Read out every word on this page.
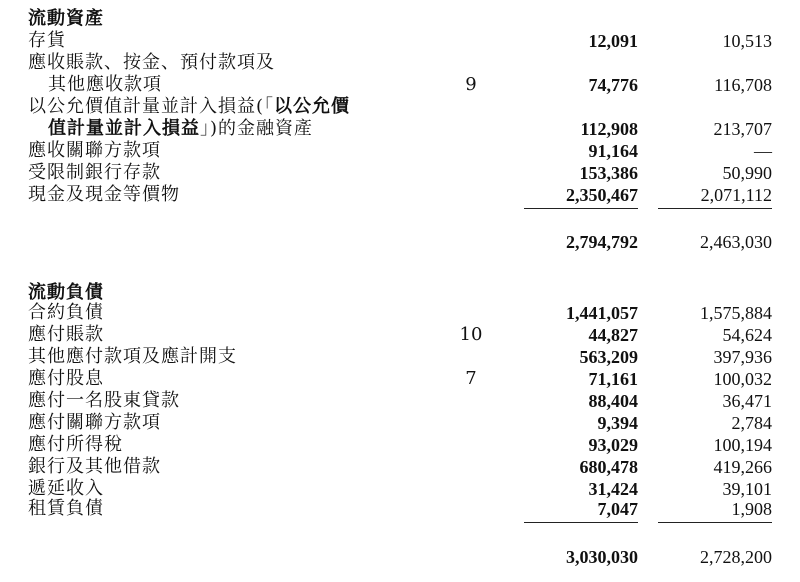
流動資產
存貨	12,091	10,513
應收賬款、按金、預付款項及
其他應收款項	9	74,776	116,708
以公允價值計量並計入損益(「以公允價
值計量並計入損益」)的金融資產	112,908	213,707
應收關聯方款項	91,164	—
受限制銀行存款	153,386	50,990
現金及現金等價物	2,350,467	2,071,112
2,794,792	2,463,030
流動負債
合約負債	1,441,057	1,575,884
應付賬款	10	44,827	54,624
其他應付款項及應計開支	563,209	397,936
應付股息	7	71,161	100,032
應付一名股東貸款	88,404	36,471
應付關聯方款項	9,394	2,784
應付所得稅	93,029	100,194
銀行及其他借款	680,478	419,266
遞延收入	31,424	39,101
租賃負債	7,047	1,908
3,030,030	2,728,200
